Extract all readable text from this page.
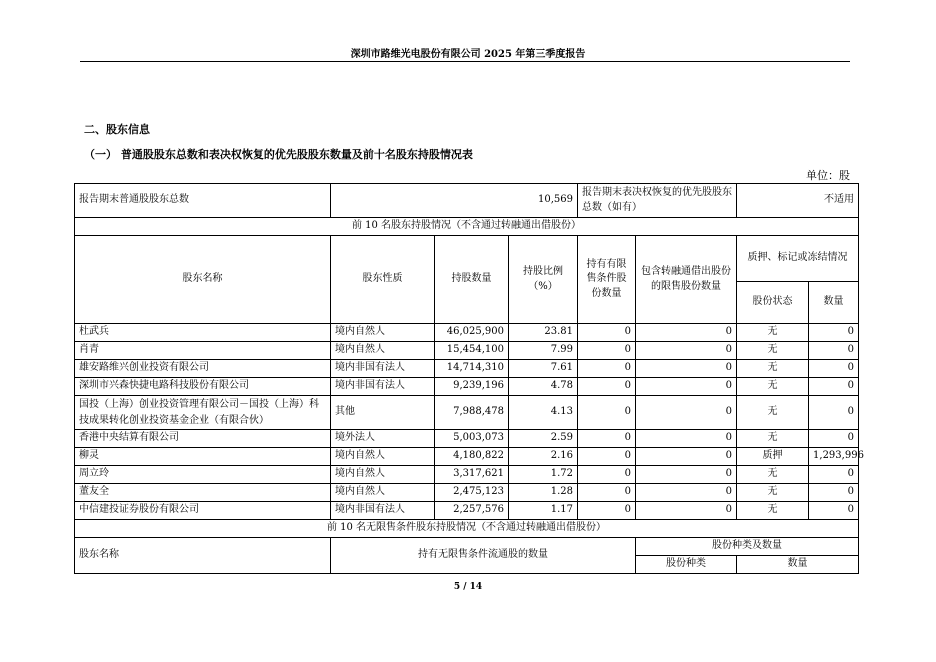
深圳市路维光电股份有限公司 2025 年第三季度报告
二、股东信息
（一） 普通股股东总数和表决权恢复的优先股股东数量及前十名股东持股情况表
单位：股
报告期末普通股股东总数	10,569			报告期末表决权恢复的优先股股东总数（如有）		不适用	
前 10 名股东持股情况（不含通过转融通出借股份）							
股东名称	股东性质	持股数量	持股比例（%）	持有有限售条件股份数量	包含转融通借出股份的限售股份数量	质押、标记或冻结情况	
						股份状态	数量
杜武兵	境内自然人	46,025,900	23.81	0	0	无	0
肖青	境内自然人	15,454,100	7.99	0	0	无	0
雄安路维兴创业投资有限公司	境内非国有法人	14,714,310	7.61	0	0	无	0
深圳市兴森快捷电路科技股份有限公司	境内非国有法人	9,239,196	4.78	0	0	无	0
国投（上海）创业投资管理有限公司－国投（上海）科技成果转化创业投资基金企业（有限合伙）	其他	7,988,478	4.13	0	0	无	0
香港中央结算有限公司	境外法人	5,003,073	2.59	0	0	无	0
柳灵	境内自然人	4,180,822	2.16	0	0	质押	1,293,996
周立玲	境内自然人	3,317,621	1.72	0	0	无	0
董友全	境内自然人	2,475,123	1.28	0	0	无	0
中信建投证券股份有限公司	境内非国有法人	2,257,576	1.17	0	0	无	0
前 10 名无限售条件股东持股情况（不含通过转融通出借股份）							
股东名称	持有无限售条件流通股的数量				股份种类及数量		
					股份种类	数量	
5 / 14
